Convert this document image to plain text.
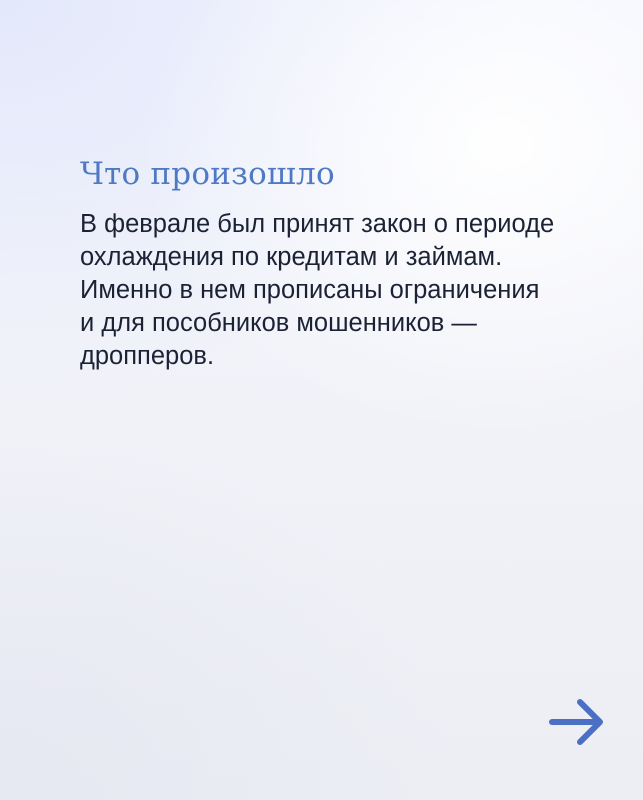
Что произошло

В феврале был принят закон о периоде
охлаждения по кредитам и займам.
Именно в нем прописаны ограничения
и для пособников мошенников —
дропперов.
